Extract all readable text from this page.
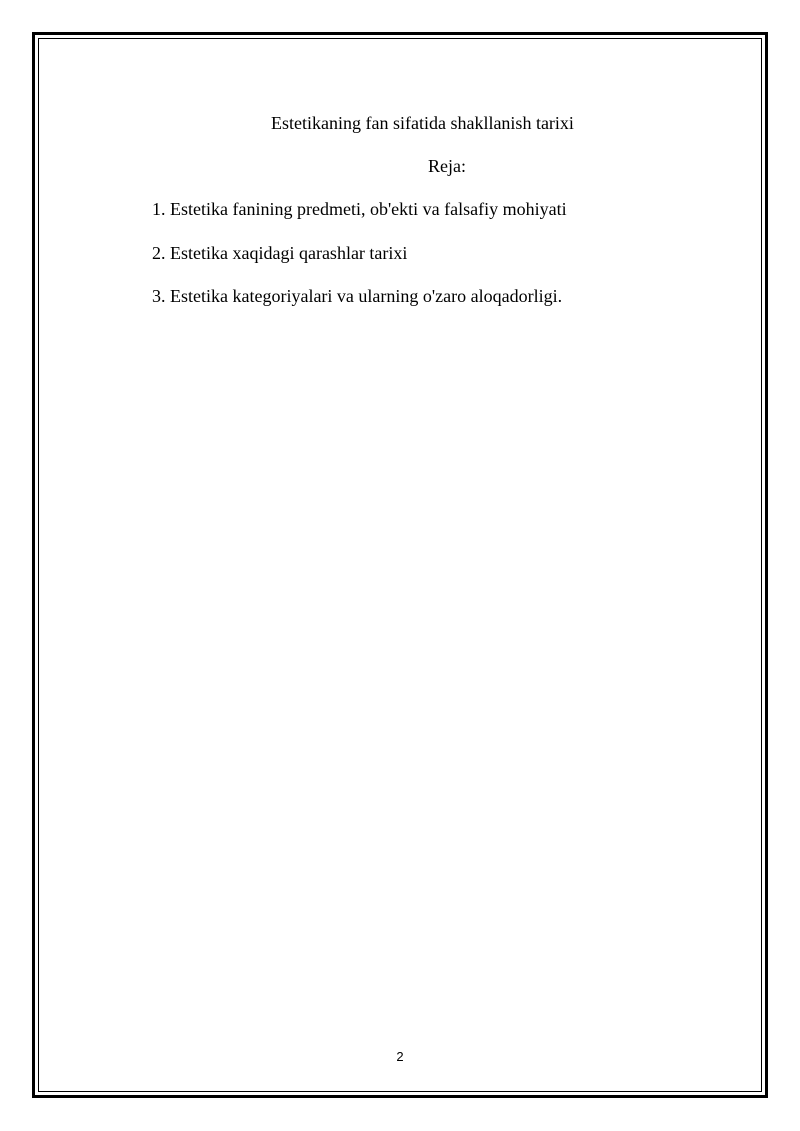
Estetikaning fan sifatida shakllanish tarixi
Reja:
1. Estetika fanining predmeti, ob'ekti va falsafiy mohiyati
2. Estetika xaqidagi qarashlar tarixi
3. Estetika kategoriyalari va ularning o'zaro aloqadorligi.
2
